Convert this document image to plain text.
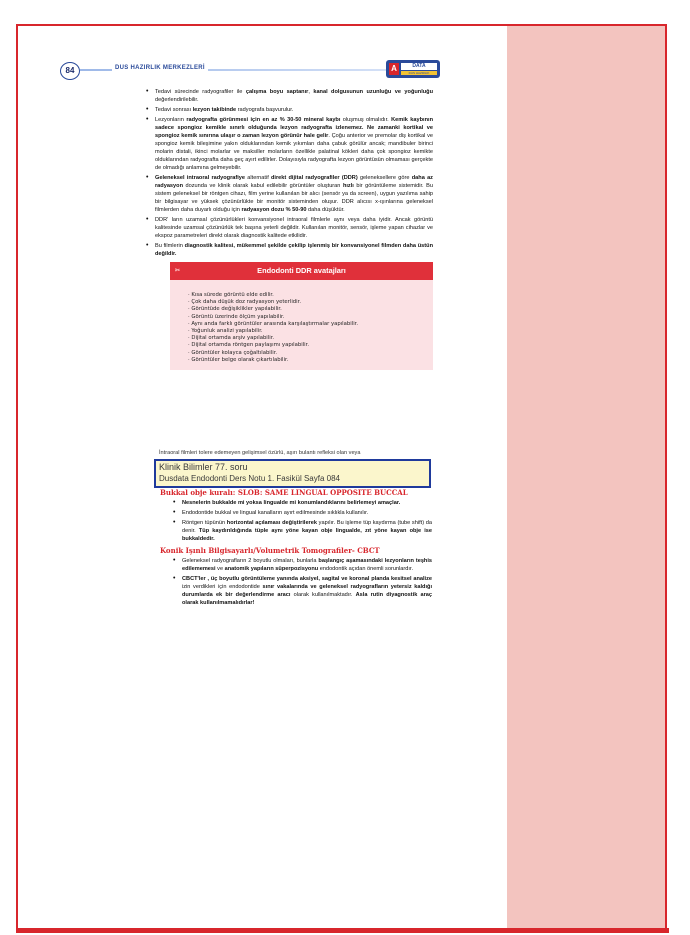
84	DUS HAZIRLIK MERKEZLERİ	A	DATA
DUS HAZIRLIK MERKEZLERİ
• Tedavi sürecinde radyografiler ile çalışma boyu saptanır, kanal dolgusunun uzunluğu ve yoğunluğu değerlendirilebilir.
• Tedavi sonrası lezyon takibinde radyografa başvurulur.
• Lezyonların radyografta görünmesi için en az % 30-50 mineral kaybı oluşmuş olmalıdır. Kemik kaybının sadece spongioz kemikle sınırlı olduğunda lezyon radyografta izlenemez. Ne zamanki kortikal ve spongioz kemik sınırına ulaşır o zaman lezyon görünür hale gelir. Çoğu anterior ve premolar diş kortikal ve spongioz kemik bileşimine yakın olduklarından kemik yıkımları daha çabuk görülür ancak; mandibuler birinci molarin distali, ikinci molarlar ve maksiller molarların özellikle palatinal kökleri daha çok spongioz kemikte olduklarından radyografta daha geç ayırt edilirler. Dolayısıyla radyografta lezyon görüntüsün olmaması gerçekte de olmadığı anlamına gelmeyebilir.
• Geleneksel intraoral radyografiye alternatif direkt dijital radyografiler (DDR) geleneksellere göre daha az radyasyon dozunda ve klinik olarak kabul edilebilir görüntüler oluşturan hızlı bir görüntüleme sistemidir. Bu sistem geleneksel bir röntgen cihazı, film yerine kullanılan bir alıcı (sensör ya da screen), uygun yazılıma sahip bir bilgisayar ve yüksek çözünürlükte bir monitör sisteminden oluşur. DDR alıcısı x-ışınlarına geleneksel filmlerden daha duyarlı olduğu için radyasyon dozu % 50-90 daha düşüktür.
• DDR' ların uzamsal çözünürlükleri konvansiyonel intraoral filmlerle aynı veya daha iyidir. Ancak görüntü kalitesinde uzamsal çözünürlük tek başına yeterli değildir. Kullanılan monitör, sensör, işleme yapan cihazlar ve ekspoz parametreleri direkt olarak diagnostik kalitede etkilidir.
• Bu filmlerin diagnostik kalitesi, mükemmel şekilde çekilip işlenmiş bir konvansiyonel filmden daha üstün değildir.
✂	Endodonti DDR avatajları
· Kısa sürede görüntü elde edilir.
· Çok daha düşük doz radyasyon yeterlidir.
· Görüntüde değişiklikler yapılabilir.
· Görüntü üzerinde ölçüm yapılabilir.
· Aynı anda farklı görüntüler arasında karşılaştırmalar yapılabilir.
· Yoğunluk analizi yapılabilir.
· Dijital ortamda arşiv yapılabilir.
· Dijital ortamda röntgen paylaşımı yapılabilir.
· Görüntüler kolayca çoğaltılabilir.
· Görüntüler belge olarak çıkartılabilir.
İntraoral filmleri tolere edemeyen gelişimsel özürlü, aşırı bulantı refleksi olan veya
Klinik Bilimler 77. soru
Dusdata Endodonti Ders Notu 1. Fasikül Sayfa 084
Bukkal obje kuralı: SLOB: SAME LINGUAL OPPOSITE BUCCAL
• Nesnelerin bukkalde mi yoksa lingualde mi konumlandıklarını belirlemeyi amaçlar.
• Endodontide bukkal ve lingual kanalların ayırt edilmesinde sıklıkla kullanılır.
• Röntgen tüpünün horizontal açılaması değiştirilerek yapılır. Bu işleme tüp kaydırma (tube shift) da denir. Tüp kaydırıldığında tüple aynı yöne kayan obje lingualde, zıt yöne kayan obje ise bukkaldedir.
Konik Işınlı Bilgisayarlı/Volumetrik Tomografiler- CBCT
• Geleneksel radyografların 2 boyutlu olmaları, bunlarla başlangıç aşamasındaki lezyonların teşhis edilememesi ve anatomik yapıların süperpozisyonu endodontik açıdan önemli sorunlardır.
• CBCT'ler , üç boyutlu görüntüleme yanında aksiyel, sagital ve koronal planda kesitsel analize izin verdikleri için endodontide sınır vakalarında ve geleneksel radyografların yetersiz kaldığı durumlarda ek bir değerlendirme aracı olarak kullanılmaktadır. Asla rutin diyagnostik araç olarak kullanılmamalıdırlar!
